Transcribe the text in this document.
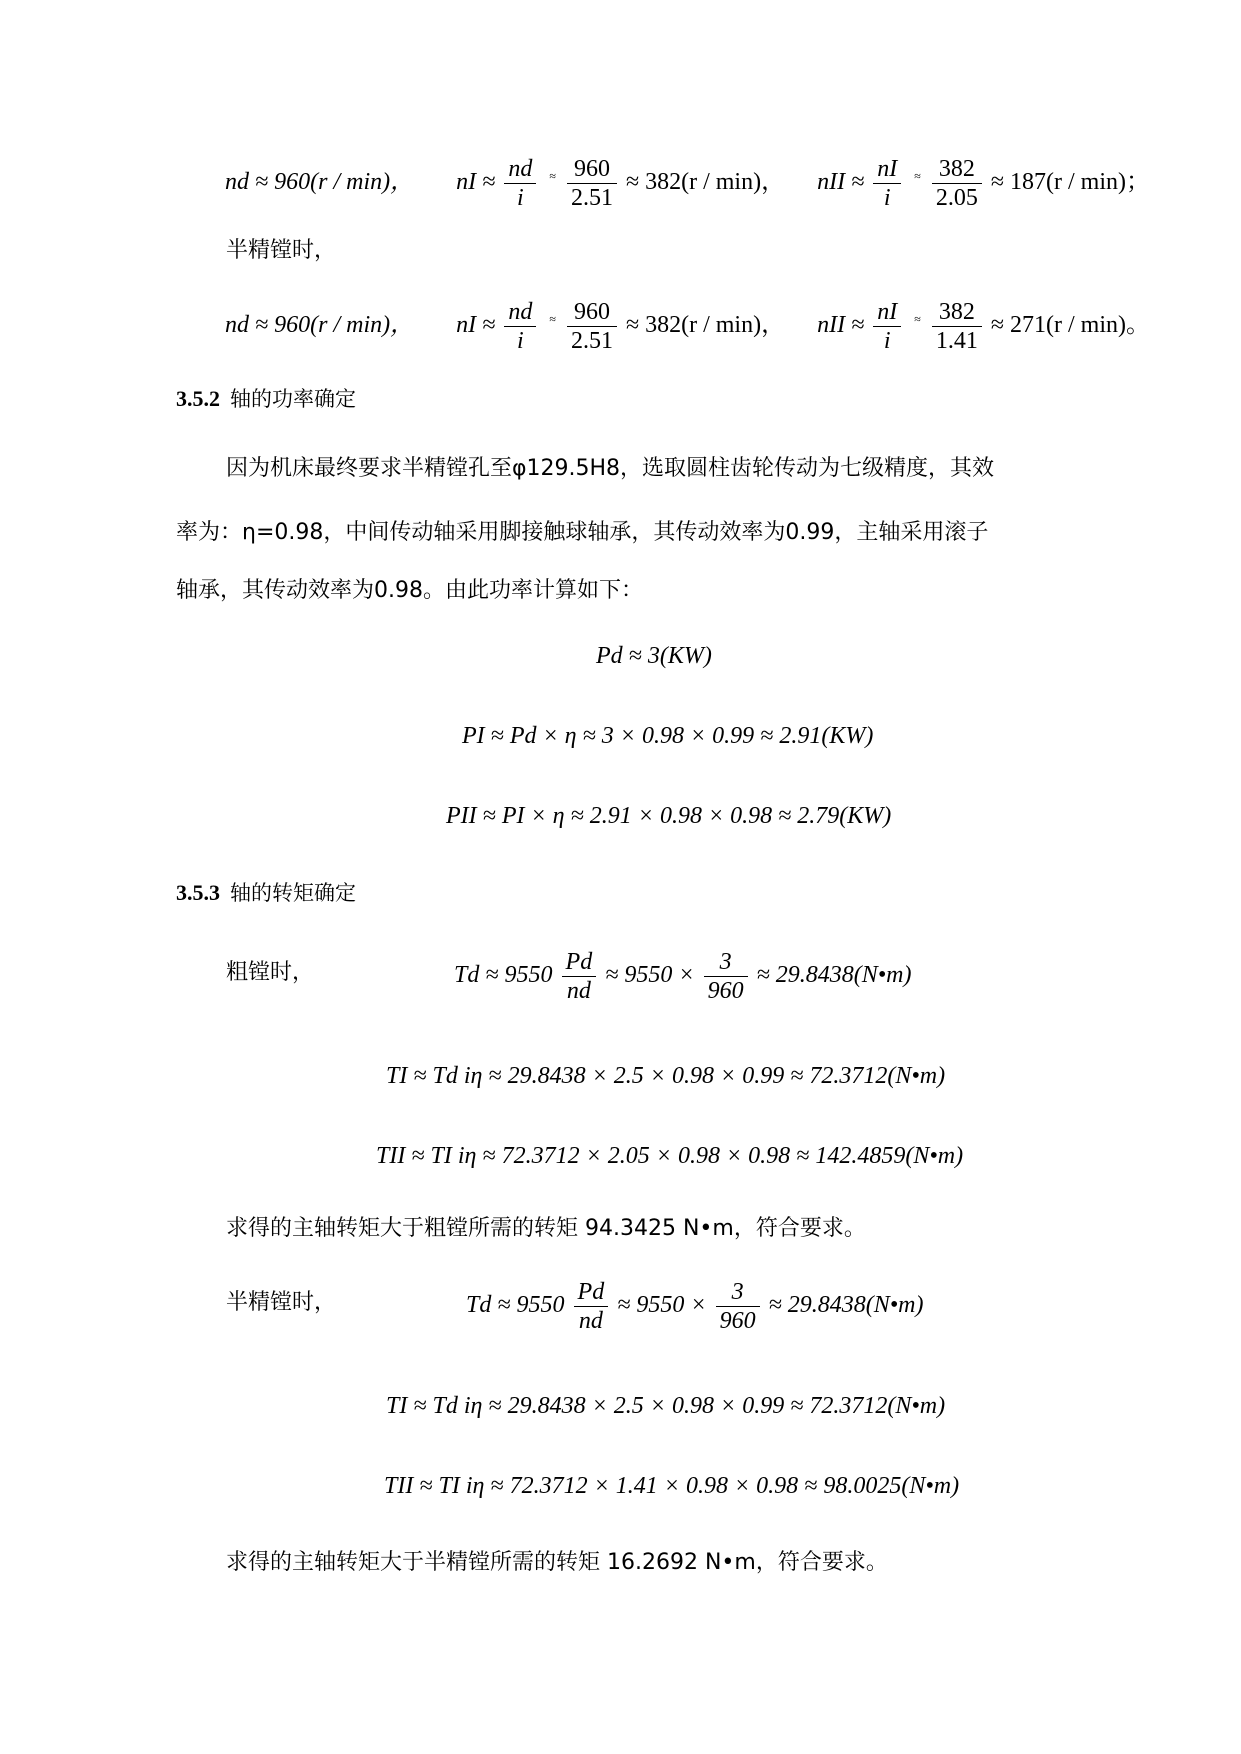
nd ≈ 960(r / min)， nI ≈ $\frac{nd}{i} ^\approx \frac{960}{2.51} \approx 382(r / \min)$， nII ≈ $\frac{nI}{i} ^\approx \frac{382}{2.05} \approx 187(r / \min)$；
半精镗时，
nd ≈ 960(r / min)， nI ≈ $\frac{nd}{i} ^\approx \frac{960}{2.51} \approx 382(r / \min)$， nII ≈ $\frac{nI}{i} ^\approx \frac{382}{1.41} \approx 271(r / \min)$。
3.5.2 轴的功率确定
因为机床最终要求半精镗孔至φ129.5H8，选取圆柱齿轮传动为七级精度，其效
率为：η=0.98，中间传动轴采用脚接触球轴承，其传动效率为0.99，主轴采用滚子
轴承，其传动效率为0.98。由此功率计算如下：
Pd ≈ 3(KW)
PI ≈ Pd × η ≈ 3 × 0.98 × 0.99 ≈ 2.91(KW)
PII ≈ PI × η ≈ 2.91 × 0.98 × 0.98 ≈ 2.79(KW)
3.5.3 轴的转矩确定
粗镗时，	$Td \approx 9550 \frac{Pd}{nd} \approx 9550 \times \frac{3}{960}$ ≈ 29.8438(N•m)
TI ≈ Td iη ≈ 29.8438 × 2.5 × 0.98 × 0.99 ≈ 72.3712(N•m)
TII ≈ TI iη ≈ 72.3712 × 2.05 × 0.98 × 0.98 ≈ 142.4859(N•m)
求得的主轴转矩大于粗镗所需的转矩 94.3425 N•m，符合要求。
半精镗时，	$Td \approx 9550 \frac{Pd}{nd} \approx 9550 \times \frac{3}{960}$ ≈ 29.8438(N•m)
TI ≈ Td iη ≈ 29.8438 × 2.5 × 0.98 × 0.99 ≈ 72.3712(N•m)
TII ≈ TI iη ≈ 72.3712 × 1.41 × 0.98 × 0.98 ≈ 98.0025(N•m)
求得的主轴转矩大于半精镗所需的转矩 16.2692 N•m，符合要求。
